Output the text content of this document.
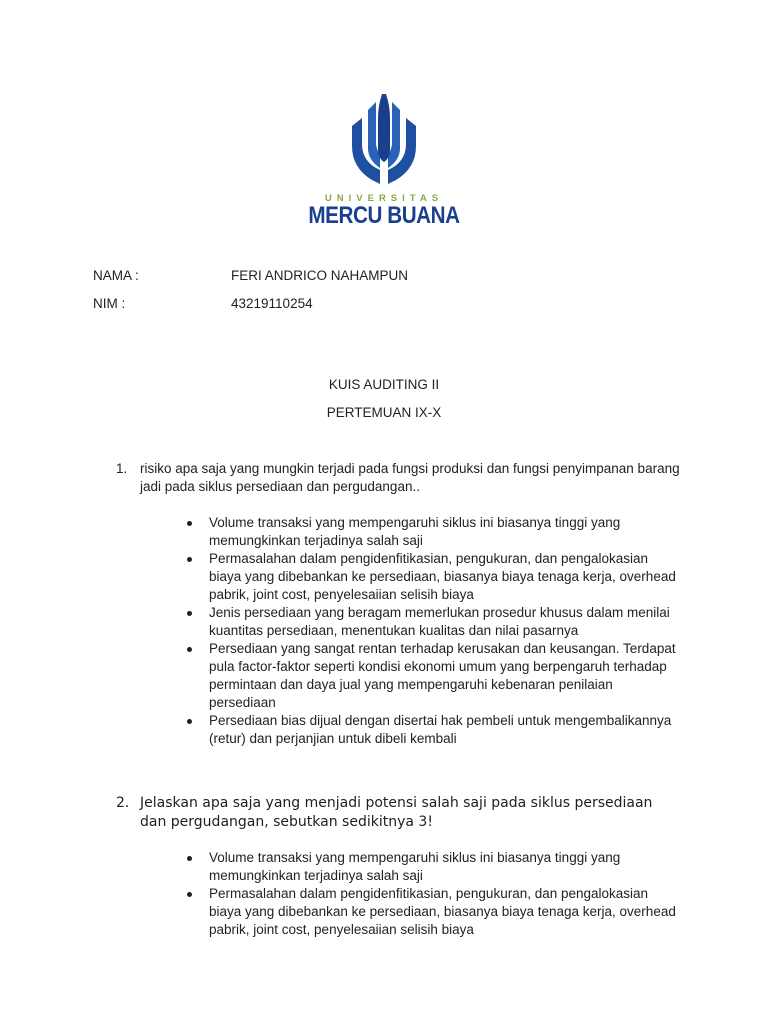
UNIVERSITAS
MERCU BUANA
NAMA :	FERI ANDRICO NAHAMPUN
NIM :	43219110254
KUIS AUDITING II
PERTEMUAN IX-X
1. risiko apa saja yang mungkin terjadi pada fungsi produksi dan fungsi penyimpanan barang jadi pada siklus persediaan dan pergudangan..
Volume transaksi yang mempengaruhi siklus ini biasanya tinggi yang memungkinkan terjadinya salah saji
Permasalahan dalam pengidenfitikasian, pengukuran, dan pengalokasian biaya yang dibebankan ke persediaan, biasanya biaya tenaga kerja, overhead pabrik, joint cost, penyelesaiian selisih biaya
Jenis persediaan yang beragam memerlukan prosedur khusus dalam menilai kuantitas persediaan, menentukan kualitas dan nilai pasarnya
Persediaan yang sangat rentan terhadap kerusakan dan keusangan. Terdapat pula factor-faktor seperti kondisi ekonomi umum yang berpengaruh terhadap permintaan dan daya jual yang mempengaruhi kebenaran penilaian persediaan
Persediaan bias dijual dengan disertai hak pembeli untuk mengembalikannya (retur) dan perjanjian untuk dibeli kembali
2. Jelaskan apa saja yang menjadi potensi salah saji pada siklus persediaan dan pergudangan, sebutkan sedikitnya 3!
Volume transaksi yang mempengaruhi siklus ini biasanya tinggi yang memungkinkan terjadinya salah saji
Permasalahan dalam pengidenfitikasian, pengukuran, dan pengalokasian biaya yang dibebankan ke persediaan, biasanya biaya tenaga kerja, overhead pabrik, joint cost, penyelesaiian selisih biaya
